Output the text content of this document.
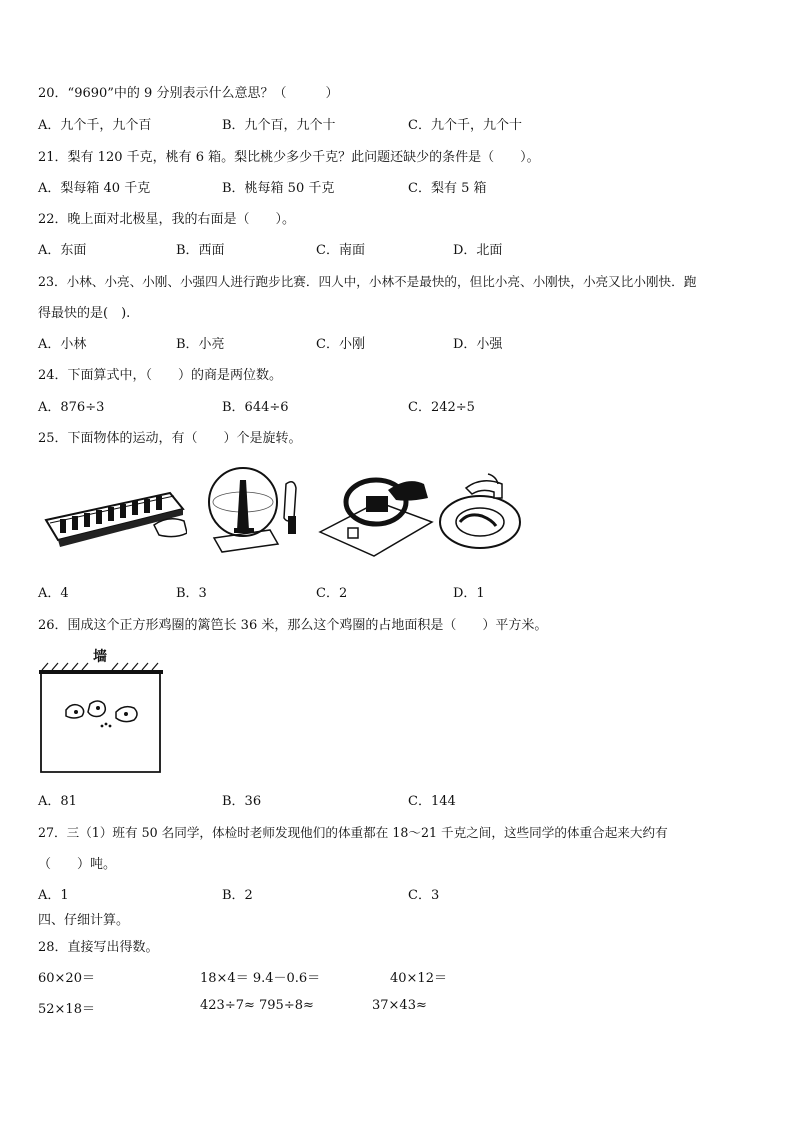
20．“9690”中的 9 分别表示什么意思？（　　　）
A．九个千，九个百	B．九个百，九个十	C．九个千，九个十
21．梨有 120 千克，桃有 6 箱。梨比桃少多少千克？此问题还缺少的条件是（　　）。
A．梨每箱 40 千克	B．桃每箱 50 千克	C．梨有 5 箱
22．晚上面对北极星，我的右面是（　　）。
A．东面	B．西面	C．南面	D．北面
23．小林、小亮、小刚、小强四人进行跑步比赛．四人中，小林不是最快的，但比小亮、小刚快，小亮又比小刚快．跑
得最快的是(　).
A．小林	B．小亮	C．小刚	D．小强
24．下面算式中，（　　）的商是两位数。
A．876÷3	B．644÷6	C．242÷5
25．下面物体的运动，有（　　）个是旋转。
A．4	B．3	C．2	D．1
26．围成这个正方形鸡圈的篱笆长 36 米，那么这个鸡圈的占地面积是（　　）平方米。
墙
A．81	B．36	C．144
27．三（1）班有 50 名同学，体检时老师发现他们的体重都在 18～21 千克之间，这些同学的体重合起来大约有
（　　）吨。
A．1	B．2	C．3
四、仔细计算。
28．直接写出得数。
60×20＝	18×4＝ 9.4－0.6＝	40×12＝
52×18＝	423÷7≈ 795÷8≈	37×43≈
